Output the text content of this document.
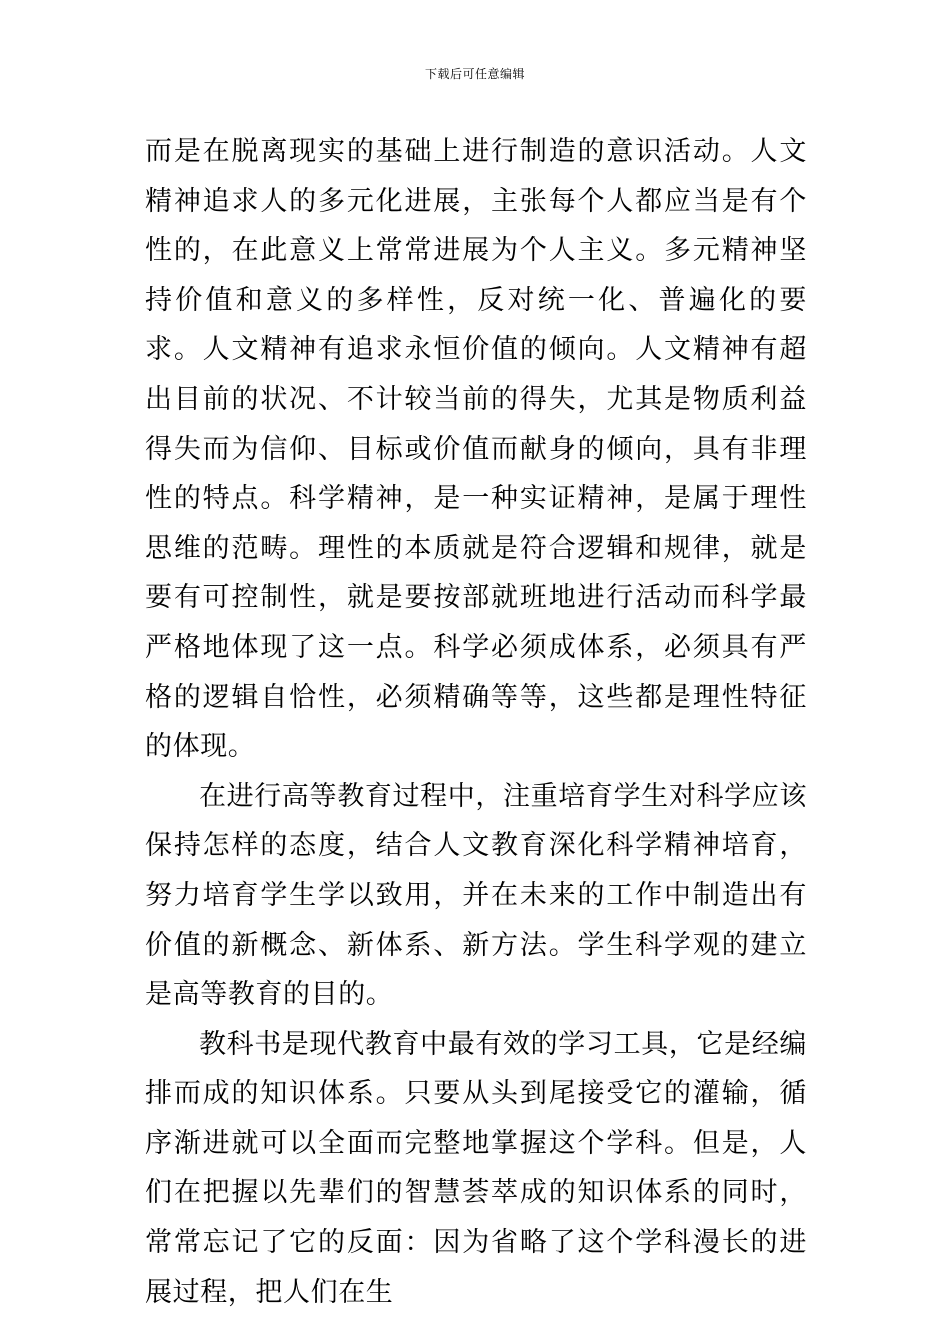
下载后可任意编辑

而是在脱离现实的基础上进行制造的意识活动。人文精神追求人的多元化进展，主张每个人都应当是有个性的，在此意义上常常进展为个人主义。多元精神坚持价值和意义的多样性，反对统一化、普遍化的要求。人文精神有追求永恒价值的倾向。人文精神有超出目前的状况、不计较当前的得失，尤其是物质利益得失而为信仰、目标或价值而献身的倾向，具有非理性的特点。科学精神，是一种实证精神，是属于理性思维的范畴。理性的本质就是符合逻辑和规律，就是要有可控制性，就是要按部就班地进行活动而科学最严格地体现了这一点。科学必须成体系，必须具有严格的逻辑自恰性，必须精确等等，这些都是理性特征的体现。

在进行高等教育过程中，注重培育学生对科学应该保持怎样的态度，结合人文教育深化科学精神培育，努力培育学生学以致用，并在未来的工作中制造出有价值的新概念、新体系、新方法。学生科学观的建立是高等教育的目的。

教科书是现代教育中最有效的学习工具，它是经编排而成的知识体系。只要从头到尾接受它的灌输，循序渐进就可以全面而完整地掌握这个学科。但是，人们在把握以先辈们的智慧荟萃成的知识体系的同时，常常忘记了它的反面：因为省略了这个学科漫长的进展过程，把人们在生
